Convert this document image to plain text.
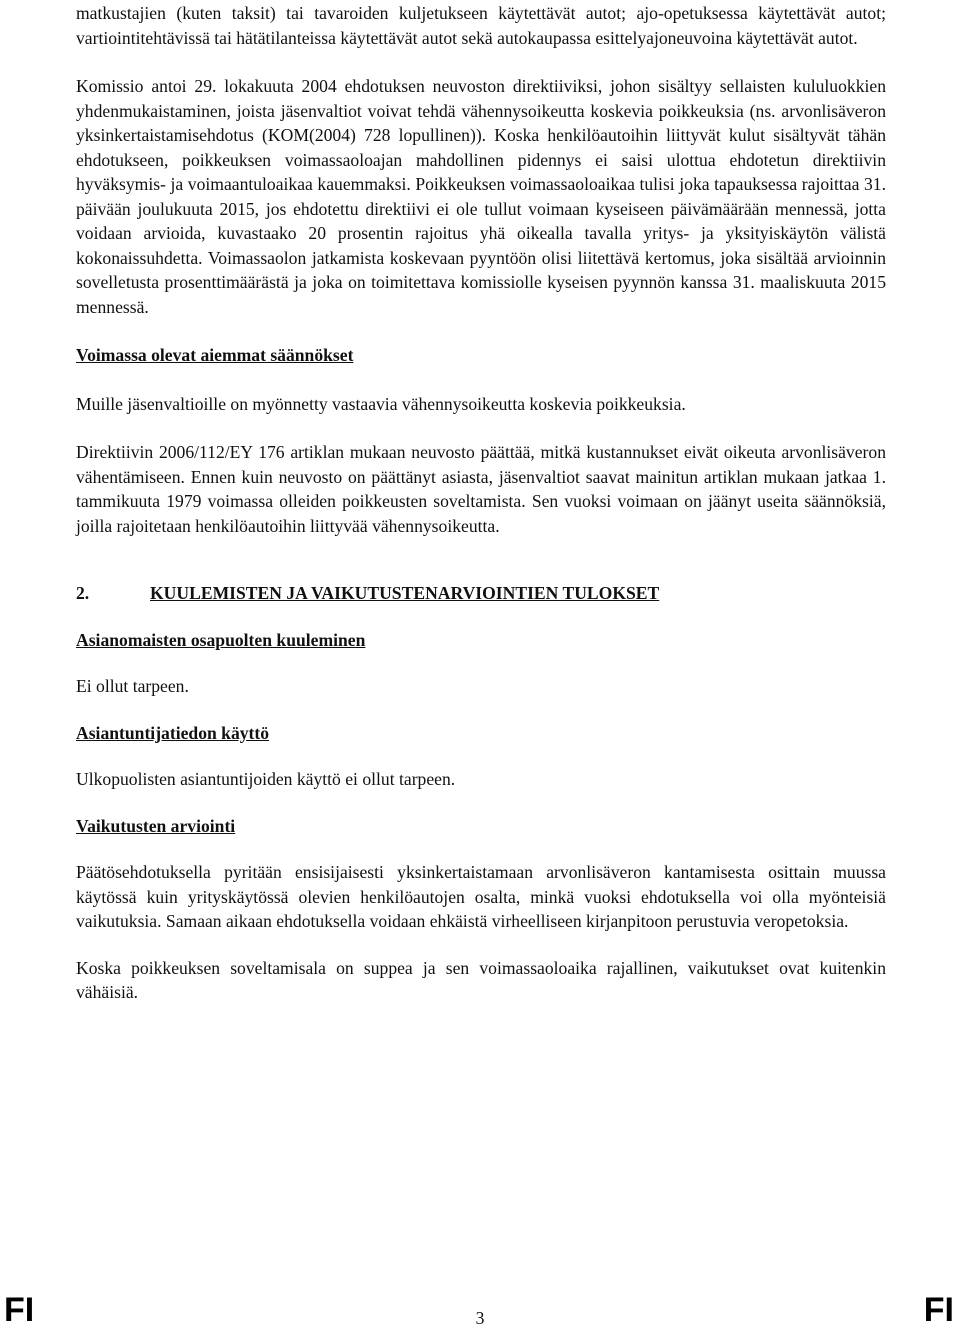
matkustajien (kuten taksit) tai tavaroiden kuljetukseen käytettävät autot; ajo-opetuksessa käytettävät autot; vartiointitehtävissä tai hätätilanteissa käytettävät autot sekä autokaupassa esittelyajoneuvoina käytettävät autot.

Komissio antoi 29. lokakuuta 2004 ehdotuksen neuvoston direktiiviksi, johon sisältyy sellaisten kululuokkien yhdenmukaistaminen, joista jäsenvaltiot voivat tehdä vähennysoikeutta koskevia poikkeuksia (ns. arvonlisäveron yksinkertaistamisehdotus (KOM(2004) 728 lopullinen)). Koska henkilöautoihin liittyvät kulut sisältyvät tähän ehdotukseen, poikkeuksen voimassaoloajan mahdollinen pidennys ei saisi ulottua ehdotetun direktiivin hyväksymis- ja voimaantuloaikaa kauemmaksi. Poikkeuksen voimassaoloaikaa tulisi joka tapauksessa rajoittaa 31. päivään joulukuuta 2015, jos ehdotettu direktiivi ei ole tullut voimaan kyseiseen päivämäärään mennessä, jotta voidaan arvioida, kuvastaako 20 prosentin rajoitus yhä oikealla tavalla yritys- ja yksityiskäytön välistä kokonaissuhdetta. Voimassaolon jatkamista koskevaan pyyntöön olisi liitettävä kertomus, joka sisältää arvioinnin sovelletusta prosenttimäärästä ja joka on toimitettava komissiolle kyseisen pyynnön kanssa 31. maaliskuuta 2015 mennessä.

Voimassa olevat aiemmat säännökset

Muille jäsenvaltioille on myönnetty vastaavia vähennysoikeutta koskevia poikkeuksia.

Direktiivin 2006/112/EY 176 artiklan mukaan neuvosto päättää, mitkä kustannukset eivät oikeuta arvonlisäveron vähentämiseen. Ennen kuin neuvosto on päättänyt asiasta, jäsenvaltiot saavat mainitun artiklan mukaan jatkaa 1. tammikuuta 1979 voimassa olleiden poikkeusten soveltamista. Sen vuoksi voimaan on jäänyt useita säännöksiä, joilla rajoitetaan henkilöautoihin liittyvää vähennysoikeutta.

2.	KUULEMISTEN JA VAIKUTUSTENARVIOINTIEN TULOKSET

Asianomaisten osapuolten kuuleminen

Ei ollut tarpeen.

Asiantuntijatiedon käyttö

Ulkopuolisten asiantuntijoiden käyttö ei ollut tarpeen.

Vaikutusten arviointi

Päätösehdotuksella pyritään ensisijaisesti yksinkertaistamaan arvonlisäveron kantamisesta osittain muussa käytössä kuin yrityskäytössä olevien henkilöautojen osalta, minkä vuoksi ehdotuksella voi olla myönteisiä vaikutuksia. Samaan aikaan ehdotuksella voidaan ehkäistä virheelliseen kirjanpitoon perustuvia veropetoksia.

Koska poikkeuksen soveltamisala on suppea ja sen voimassaoloaika rajallinen, vaikutukset ovat kuitenkin vähäisiä.

FI	3	FI
